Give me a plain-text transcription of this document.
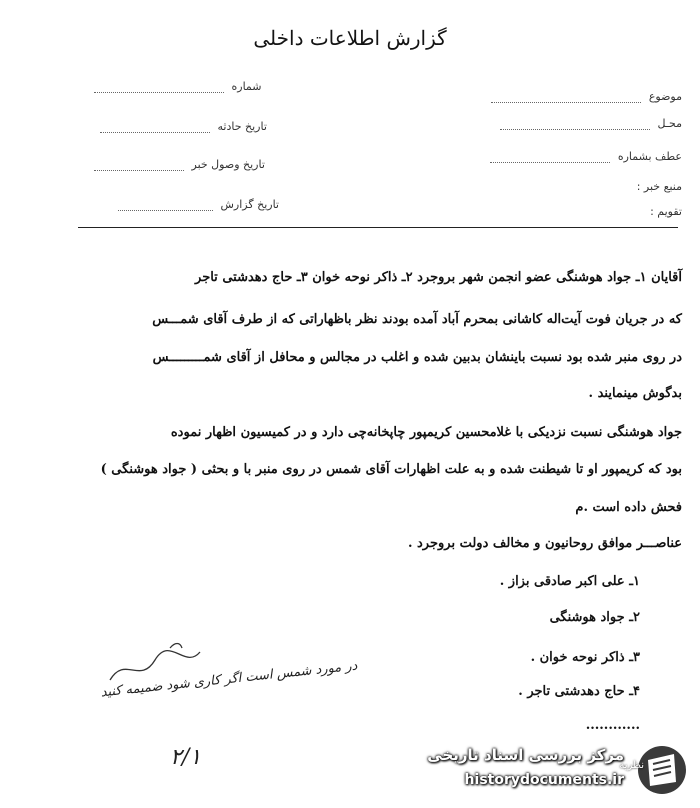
گزارش اطلاعات داخلی
موضوع
محـل
عطف بشماره
منبع خبر :
تقویم :
شماره
تاریخ حادثه
تاریخ وصول خبر
تاریخ گزارش
آقایان ۱ـ جواد هوشنگی عضو انجمن شهر بروجرد ۲ـ ذاکر نوحه خوان ۳ـ حاج دهدشتی تاجر
که در جریان فوت آیت‌اله کاشانی بمحرم آباد آمده بودند نظر باظهاراتی که از طرف آقای شمـــس
در روی منبر شده بود نسبت باینشان بدبین شده و اغلب در مجالس و محافل از آقای شمـــــــــس
بدگوش مینمایند .
جواد هوشنگی نسبت نزدیکی با غلامحسین کریمپور چاپخانه‌چی دارد و در کمیسیون اظهار نموده
بود که کریمپور او تا شیطنت شده و به علت اظهارات آقای شمس در روی منبر با و بحثی ( جواد هوشنگی )
فحش داده است .م
عناصـــر موافق روحانیون و مخالف دولت بروجرد .
۱ـ علی اکبر صادقی بزاز .
۲ـ جواد هوشنگی
۳ـ ذاکر نوحه خوان .
۴ـ حاج دهدشتی تاجر .
............
در مورد شمس است اگر کاری شود ضمیمه کنید
۲/۱	مرکز بررسی اسناد تاریخی
نظریه
historydocuments.ir
